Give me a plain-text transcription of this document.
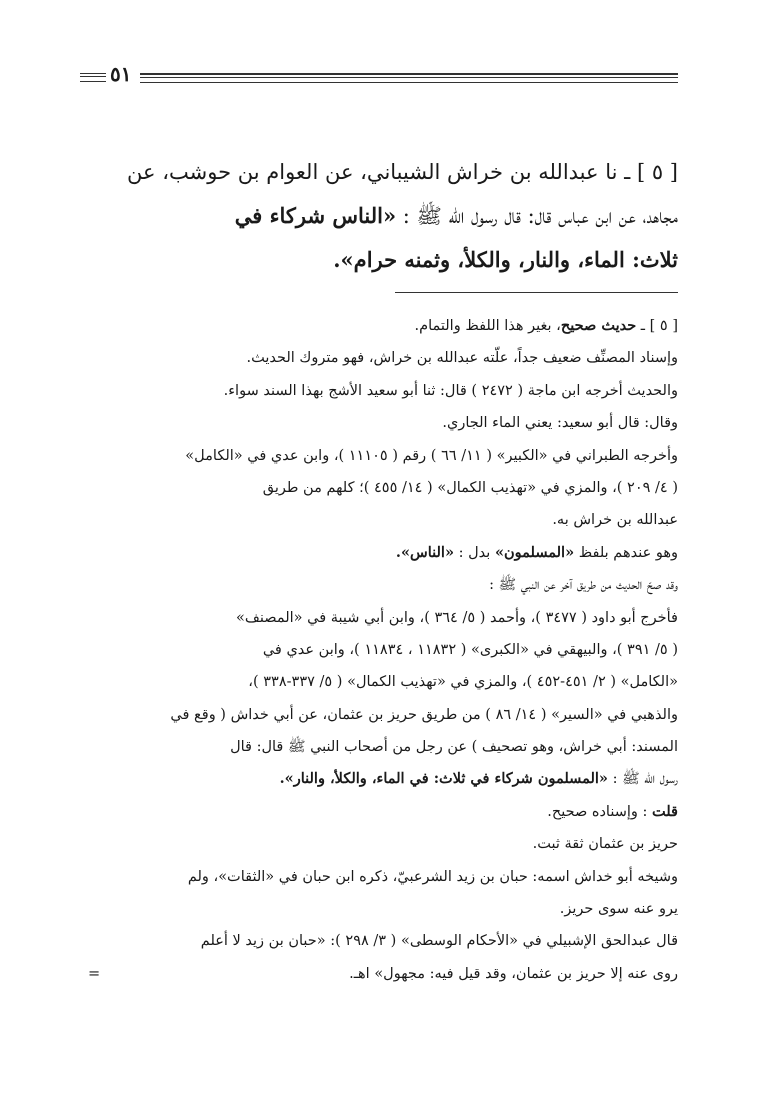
٥١

[ ٥ ] ـ نا عبدالله بن خراش الشيباني، عن العوام بن حوشب، عن

مجاهد، عن ابن عباس قال: قال رسول الله ﷺ : «الناس شركاء في

ثلاث: الماء، والنار، والكلأ، وثمنه حرام».

[ ٥ ] ـ حديث صحيح، بغير هذا اللفظ والتمام.
وإسناد المصنِّف ضعيف جداً، علّته عبدالله بن خراش، فهو متروك الحديث.
والحديث أخرجه ابن ماجة ( ٢٤٧٢ ) قال: ثنا أبو سعيد الأشج بهذا السند سواء.
وقال: قال أبو سعيد: يعني الماء الجاري.
وأخرجه الطبراني في «الكبير» ( ١١/ ٦٦ ) رقم ( ١١١٠٥ )، وابن عدي في «الكامل»
( ٤/ ٢٠٩ )، والمزي في «تهذيب الكمال» ( ١٤/ ٤٥٥ )؛ كلهم من طريق
عبدالله بن خراش به.
وهو عندهم بلفظ «المسلمون» بدل : «الناس».
وقد صحّ الحديث من طريق آخر عن النبي ﷺ :
فأخرج أبو داود ( ٣٤٧٧ )، وأحمد ( ٥/ ٣٦٤ )، وابن أبي شيبة في «المصنف»
( ٥/ ٣٩١ )، والبيهقي في «الكبرى» ( ١١٨٣٢ ، ١١٨٣٤ )، وابن عدي في
«الكامل» ( ٢/ ٤٥١-٤٥٢ )، والمزي في «تهذيب الكمال» ( ٥/ ٣٣٧-٣٣٨ )،
والذهبي في «السير» ( ١٤/ ٨٦ ) من طريق حريز بن عثمان، عن أبي خداش ( وقع في
المسند: أبي خراش، وهو تصحيف ) عن رجل من أصحاب النبي ﷺ قال: قال
رسول الله ﷺ : «المسلمون شركاء في ثلاث: في الماء، والكلأ، والنار».
قلت : وإسناده صحيح.
حريز بن عثمان ثقة ثبت.
وشيخه أبو خداش اسمه: حبان بن زيد الشرعبيّ، ذكره ابن حبان في «الثقات»، ولم
يرو عنه سوى حريز.
قال عبدالحق الإشبيلي في «الأحكام الوسطى» ( ٣/ ٢٩٨ ): «حبان بن زيد لا أعلم
روى عنه إلا حريز بن عثمان، وقد قيل فيه: مجهول» اهـ.
=
